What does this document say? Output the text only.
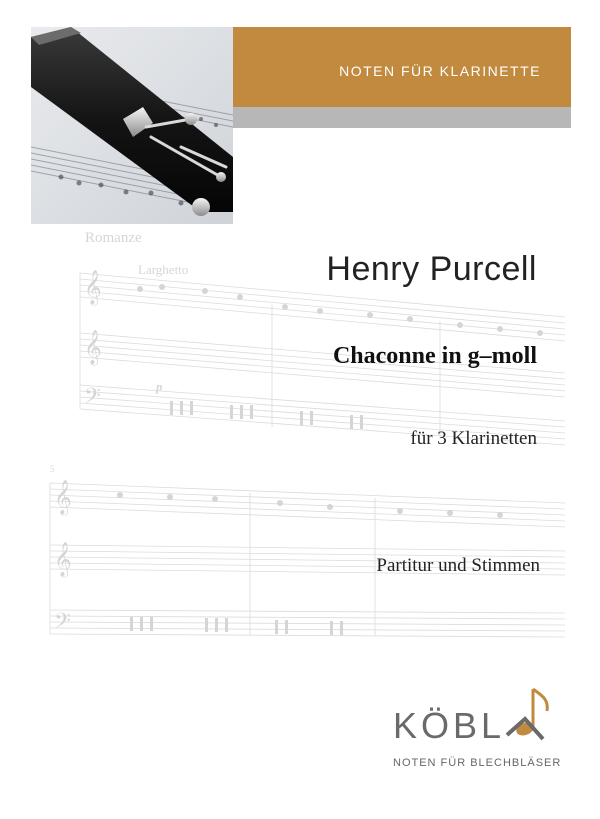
NOTEN FÜR KLARINETTE
Romanze
Larghetto
p
5
𝄞
𝄞
𝄢
𝄞
𝄞
𝄢
Henry Purcell
Chaconne in g–moll
für 3 Klarinetten
Partitur und Stimmen
KÖBL
NOTEN FÜR BLECHBLÄSER
